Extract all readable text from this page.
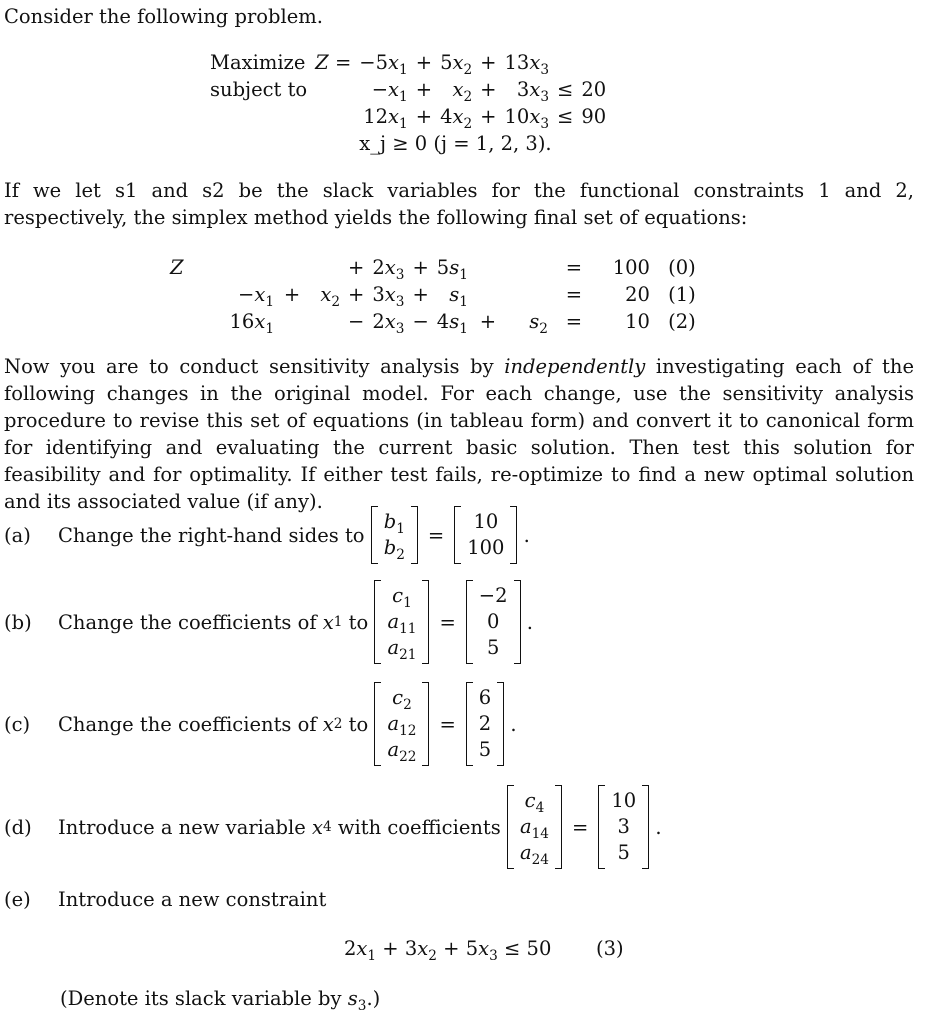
Consider the following problem.
Maximize	Z =	$-5x_1$	+	$5x_2$	+	$13x_3$		
subject to		$-x_1$	+	$x_2$	+	$3x_3$	≤	20
		$12x_1$	+	$4x_2$	+	$10x_3$	≤	90
		x_j ≥ 0 (j = 1, 2, 3).						

If we let s1 and s2 be the slack variables for the functional constraints 1 and 2, respectively, the simplex method yields the following final set of equations:

Z				+	$2x_3$	+	$5s_1$			=	100	(0)
	$-x_1$	+	$x_2$	+	$3x_3$	+	$s_1$			=	20	(1)
	$16x_1$			−	$2x_3$	−	$4s_1$	+	$s_2$	=	10	(2)

Now you are to conduct sensitivity analysis by independently investigating each of the following changes in the original model. For each change, use the sensitivity analysis procedure to revise this set of equations (in tableau form) and convert it to canonical form for identifying and evaluating the current basic solution. Then test this solution for feasibility and for optimality. If either test fails, re-optimize to find a new optimal solution and its associated value (if any).

(a)	Change the right-hand sides to

$b_1$
$b_2$
=
10
100
.
(b)	Change the coefficients of
x 1 to
$c_1$
$a_{11}$
$a_{21}$
=
−2
0
5
.
(c)	Change the coefficients of
x 2 to
$c_2$
$a_{12}$
$a_{22}$
=
6
2
5
.
(d)	Introduce a new variable
x 4
with coefficients

$c_4$
$a_{14}$
$a_{24}$
=
10
3
5
.
(e)	Introduce a new constraint
$2x_1 + 3x_2 + 5x_3 \le 50$ (3)
(Denote its slack variable by $s_3$.)
